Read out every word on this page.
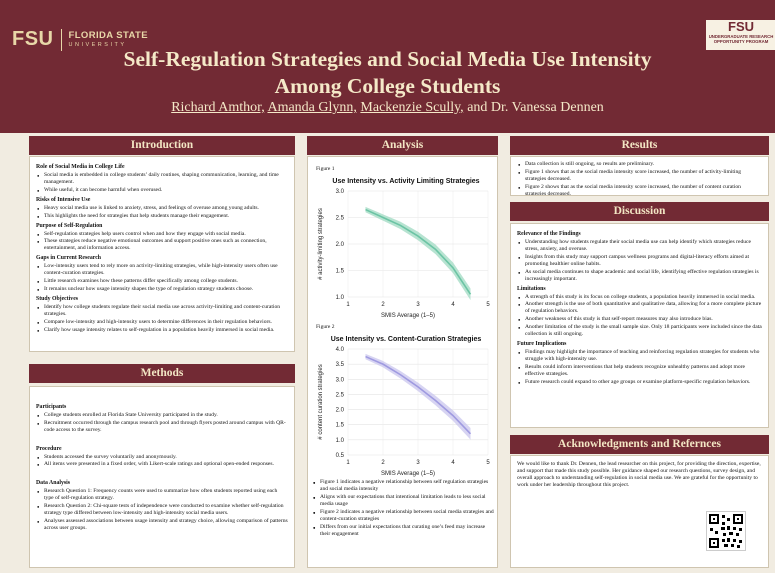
FSU FLORIDA STATE
UNIVERSITY
FSU
UNDERGRADUATE RESEARCH
OPPORTUNITY PROGRAM
Self-Regulation Strategies and Social Media Use Intensity
Among College Students
Richard Amthor, Amanda Glynn, Mackenzie Scully, and Dr. Vanessa Dennen
Introduction
Role of Social Media in College Life
● Social media is embedded in college students’ daily routines, shaping communication, learning, and time management.
● While useful, it can become harmful when overused.
Risks of Intensive Use
● Heavy social media use is linked to anxiety, stress, and feelings of overuse among young adults.
● This highlights the need for strategies that help students manage their engagement.
Purpose of Self-Regulation
● Self-regulation strategies help users control when and how they engage with social media.
● These strategies reduce negative emotional outcomes and support positive ones such as connection, entertainment, and information access.
Gaps in Current Research
● Low-intensity users tend to rely more on activity-limiting strategies, while high-intensity users often use content-curation strategies.
● Little research examines how these patterns differ specifically among college students.
● It remains unclear how usage intensity shapes the type of regulation strategy students choose.
Study Objectives
● Identify how college students regulate their social media use across activity-limiting and content-curation strategies.
● Compare low-intensity and high-intensity users to determine differences in their regulation behaviors.
● Clarify how usage intensity relates to self-regulation in a population heavily immersed in social media.
Methods
Participants
● College students enrolled at Florida State University participated in the study.
● Recruitment occurred through the campus research pool and through flyers posted around campus with QR-code access to the survey.
Procedure
● Students accessed the survey voluntarily and anonymously.
● All items were presented in a fixed order, with Likert-scale ratings and optional open-ended responses.
Data Analysis
● Research Question 1: Frequency counts were used to summarize how often students reported using each type of self-regulation strategy.
● Research Question 2: Chi-square tests of independence were conducted to examine whether self-regulation strategy type differed between low-intensity and high-intensity social media users.
● Analyses assessed associations between usage intensity and strategy choice, allowing comparison of patterns across user groups.
Analysis
Figure 1
Use Intensity vs. Activity Limiting Strategies
1.0
1.5
2.0
2.5
3.0
1	2	3	4	5
SMIS Average (1–5)
# activity-limiting strategies
Figure 2
Use Intensity vs. Content-Curation Strategies
0.5
1.0
1.5
2.0
2.5
3.0
3.5
4.0
1	2	3	4	5
SMIS Average (1–5)
# content curation strategies
● Figure 1 indicates a negative relationship between self regulation strategies and social media intensity
●
● Aligns with our expectations that intentional limitation leads to less social media usage
●
● Figure 2 indicates a negative relationship between social media strategies and content-curation strategies
●
● Differs from our initial expectations that curating one’s feed may increase their engagement
●
Results
● Data collection is still ongoing, so results are preliminary.
● Figure 1 shows that as the social media intensity score increased, the number of activity-limiting strategies decreased.
● Figure 2 shows that as the social media intensity score increased, the number of content curation strategies decreased.
Discussion
Relevance of the Findings
● Understanding how students regulate their social media use can help identify which strategies reduce stress, anxiety, and overuse.
● Insights from this study may support campus wellness programs and digital-literacy efforts aimed at promoting healthier online habits.
● As social media continues to shape academic and social life, identifying effective regulation strategies is increasingly important.
Limitations
● A strength of this study is its focus on college students, a population heavily immersed in social media.
● Another strength is the use of both quantitative and qualitative data, allowing for a more complete picture of regulation behaviors.
● Another weakness of this study is that self-report measures may also introduce bias.
● Another limitation of the study is the small sample size. Only 18 participants were included since the data collection is still ongoing.
Future Implications
● Findings may highlight the importance of teaching and reinforcing regulation strategies for students who struggle with high-intensity use.
● Results could inform interventions that help students recognize unhealthy patterns and adopt more effective strategies.
● Future research could expand to other age groups or examine platform-specific regulation behaviors.
Acknowledgments and Refernces

We would like to thank Dr. Dennen, the lead researcher on this project, for providing the direction, expertise, and support that made this study possible. Her guidance shaped our research questions, survey design, and overall approach to understanding self-regulation in social media use. We are grateful for the opportunity to work under her leadership throughout this project.
